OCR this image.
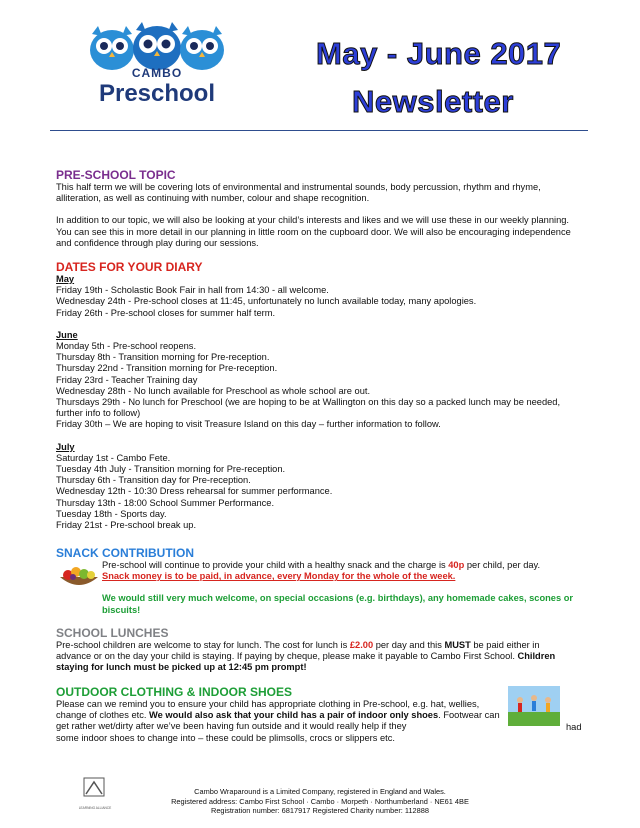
CAMBO
Preschool
May - June 2017
Newsletter
PRE-SCHOOL TOPIC

This half term we will be covering lots of environmental and instrumental sounds, body percussion, rhythm and rhyme, alliteration, as well as continuing with number, colour and shape recognition.

In addition to our topic, we will also be looking at your child’s interests and likes and we will use these in our weekly planning. You can see this in more detail in our planning in little room on the cupboard door. We will also be encouraging independence and confidence through play during our sessions.

DATES FOR YOUR DIARY

May

Friday 19th - Scholastic Book Fair in hall from 14:30 - all welcome.

Wednesday 24th - Pre-school closes at 11:45, unfortunately no lunch available today, many apologies.

Friday 26th - Pre-school closes for summer half term.

June

Monday 5th - Pre-school reopens.

Thursday 8th - Transition morning for Pre-reception.

Thursday 22nd - Transition morning for Pre-reception.

Friday 23rd - Teacher Training day

Wednesday 28th - No lunch available for Preschool as whole school are out.

Thursdays 29th - No lunch for Preschool (we are hoping to be at Wallington on this day so a packed lunch may be needed, further info to follow)

Friday 30th – We are hoping to visit Treasure Island on this day – further information to follow.

July

Saturday 1st - Cambo Fete.

Tuesday 4th July - Transition morning for Pre-reception.

Thursday 6th - Transition day for Pre-reception.

Wednesday 12th - 10:30 Dress rehearsal for summer performance.

Thursday 13th - 18:00 School Summer Performance.

Tuesday 18th - Sports day.

Friday 21st - Pre-school break up.

SNACK CONTRIBUTION

Pre-school will continue to provide your child with a healthy snack and the charge is 40p per child, per day.

Snack money is to be paid, in advance, every Monday for the whole of the week.

We would still very much welcome, on special occasions (e.g. birthdays), any homemade cakes, scones or biscuits!

SCHOOL LUNCHES

Pre-school children are welcome to stay for lunch. The cost for lunch is £2.00 per day and this MUST be paid either in advance or on the day your child is staying. If paying by cheque, please make it payable to Cambo First School. Children staying for lunch must be picked up at 12:45 pm prompt!

OUTDOOR CLOTHING & INDOOR SHOES

Please can we remind you to ensure your child has appropriate clothing in Pre-school, e.g. hat, wellies, change of clothes etc. We would also ask that your child has a pair of indoor only shoes. Footwear can get rather wet/dirty after we’ve been having fun outside and it would really help if they

some indoor shoes to change into – these could be plimsolls, crocs or slippers etc.

had
LEARNING ALLIANCE

Cambo Wraparound is a Limited Company, registered in England and Wales.

Registered address: Cambo First School · Cambo · Morpeth · Northumberland · NE61 4BE

Registration number: 6817917 Registered Charity number: 112888
